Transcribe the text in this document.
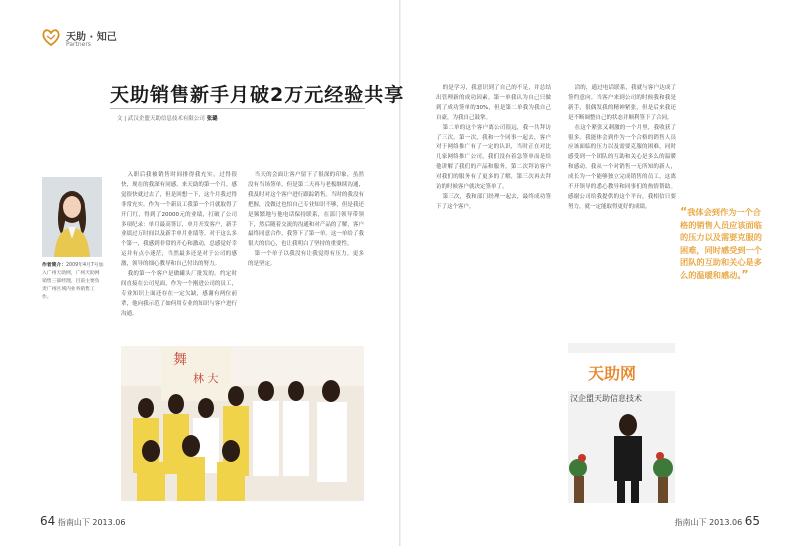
天助 · 知己
Partners
天助销售新手月破2万元经验共享
文 | 武汉企盟天助信息技术有限公司 张璐
作者简介：2009年4月7号加入广州天助网，广州天助网销售三部经理，目前主要负责广州区域内业务销售工作。

入职后我被销售时间排得我充实，过得很快，现在的我深有同感。来天助的第一个月，感觉很快就过去了，但是回想一下，这个月我过得非常充实。作为一个新员工我第一个月就取得了开门红，得到了20000元的业绩，打破了公司多项纪录：单月最高签订，单月开发客户，新手业绩过万时间以及新手单月业绩等。对于这么多个第一，我感到非常的开心和激动，总感觉好幸运并有点小迷茫，当然最多还是对于公司的感激，领导的细心教导和自己付出的努力。

我的第一个客户是做罐头厂批发的。约定时间直接在公司见面，作为一个刚进公司的员工，专业知识上面还存在一定欠缺，感谢有两位前辈，他向我示范了如何用专业的知识与客户进行沟通。

当天的会面让客户留下了很深的印象，虽然没有当场签单，但是第二天再与老板继续沟通，我及时对这个客户进行跟踪销售。当时的我没有把握，没做过也怕自己专业知识不够，但是我还是频繁地与他电话保持联系，在部门领导带领下，然后随着交流的沟通和对产品的了解，客户最终同意合作，我签下了第一单。这一单给了我很大的信心，也让我明白了坚持的重要性。

第一个单子以我没有让我觉得有压力，更多的是坚定。

舞
林 大

的是学习，我意识到了自己的不足，并总结出管理新的成功因素。第一单我认为自己只做到了成功签单的30%，但是第二单我为我自己自豪，为我自己鼓掌。

第二单的这个客户离公司很远，我一共拜访了三次。第一次，我和一个同事一起去，客户对于网络推广有了一定的认识，当时正在对比几家网络推广公司，我们没有着急签单而是给他讲解了我们的产品和服务。第二次拜访客户对我们的服务有了更多的了解，第三次再去拜访的时候客户就决定签单了。

第三次，我和部门经理一起去，最终成功签下了这个客户。

洽的，通过电话联系，我就与客户达成了签约意向。当客户来到公司的时候我和我是新手，很偶发我的精神紧张，但是后来我还是不断调整自己的状态并顺利签下了合同。

在这个紧张又刺激的一个月里，我收获了很多。我能体会到作为一个合格的销售人员应该面临的压力以及需要克服的困难，同时感受到一个团队的互助和关心是多么的温暖和感动。我从一个对销售一无所知的新人，成长为一个能够独立完成销售的员工，这离不开领导的悉心教导和同事们的热情帮助。感谢公司给我提供的这个平台，我相信只要努力，就一定能取得更好的成绩。	“我体会到作为一个合格的销售人员应该面临的压力以及需要克服的困难，同时感受到一个团队的互助和关心是多么的温暖和感动。”
天助网
汉企盟天助信息技术
64 指南山下 2013.06	指南山下 2013.06 65
